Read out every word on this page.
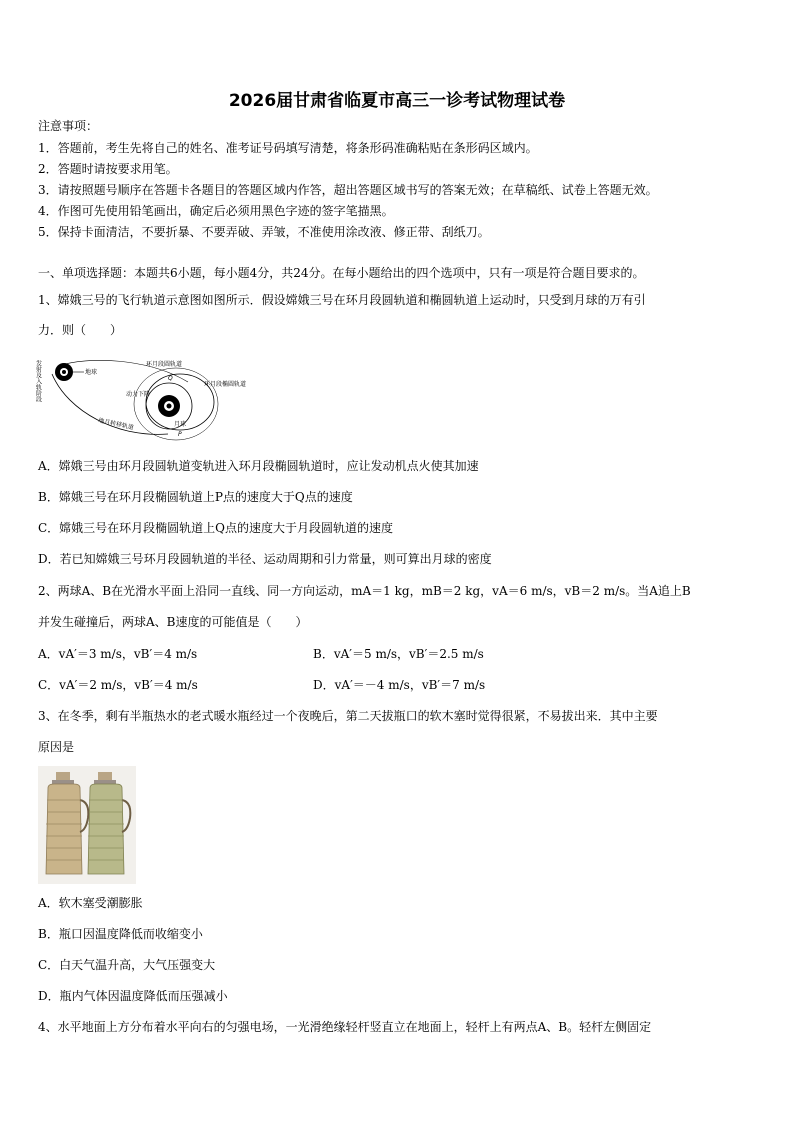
2026届甘肃省临夏市高三一诊考试物理试卷
注意事项：
1．答题前，考生先将自己的姓名、准考证号码填写清楚，将条形码准确粘贴在条形码区域内。
2．答题时请按要求用笔。
3．请按照题号顺序在答题卡各题目的答题区域内作答，超出答题区域书写的答案无效；在草稿纸、试卷上答题无效。
4．作图可先使用铅笔画出，确定后必须用黑色字迹的签字笔描黑。
5．保持卡面清洁，不要折暴、不要弄破、弄皱，不准使用涂改液、修正带、刮纸刀。
一、单项选择题：本题共6小题，每小题4分，共24分。在每小题给出的四个选项中，只有一项是符合题目要求的。
1、嫦娥三号的飞行轨道示意图如图所示．假设嫦娥三号在环月段圆轨道和椭圆轨道上运动时，只受到月球的万有引
力．则（　　）
发射及入轨阶段	地球
地月转移轨道
环月段圆轨道
环月段椭圆轨道
动力下降
月球
Q
P
A．嫦娥三号由环月段圆轨道变轨进入环月段椭圆轨道时，应让发动机点火使其加速
B．嫦娥三号在环月段椭圆轨道上P点的速度大于Q点的速度
C．嫦娥三号在环月段椭圆轨道上Q点的速度大于月段圆轨道的速度
D．若已知嫦娥三号环月段圆轨道的半径、运动周期和引力常量，则可算出月球的密度
2、两球A、B在光滑水平面上沿同一直线、同一方向运动，mA＝1 kg，mB＝2 kg，vA＝6 m/s，vB＝2 m/s。当A追上B
并发生碰撞后，两球A、B速度的可能值是（　　）
A．vA′＝3 m/s，vB′＝4 m/s	B．vA′＝5 m/s，vB′＝2.5 m/s
C．vA′＝2 m/s，vB′＝4 m/s	D．vA′＝－4 m/s，vB′＝7 m/s
3、在冬季，剩有半瓶热水的老式暖水瓶经过一个夜晚后，第二天拔瓶口的软木塞时觉得很紧，不易拔出来．其中主要
原因是
A．软木塞受潮膨胀
B．瓶口因温度降低而收缩变小
C．白天气温升高，大气压强变大
D．瓶内气体因温度降低而压强减小
4、水平地面上方分布着水平向右的匀强电场，一光滑绝缘轻杆竖直立在地面上，轻杆上有两点A、B。轻杆左侧固定
